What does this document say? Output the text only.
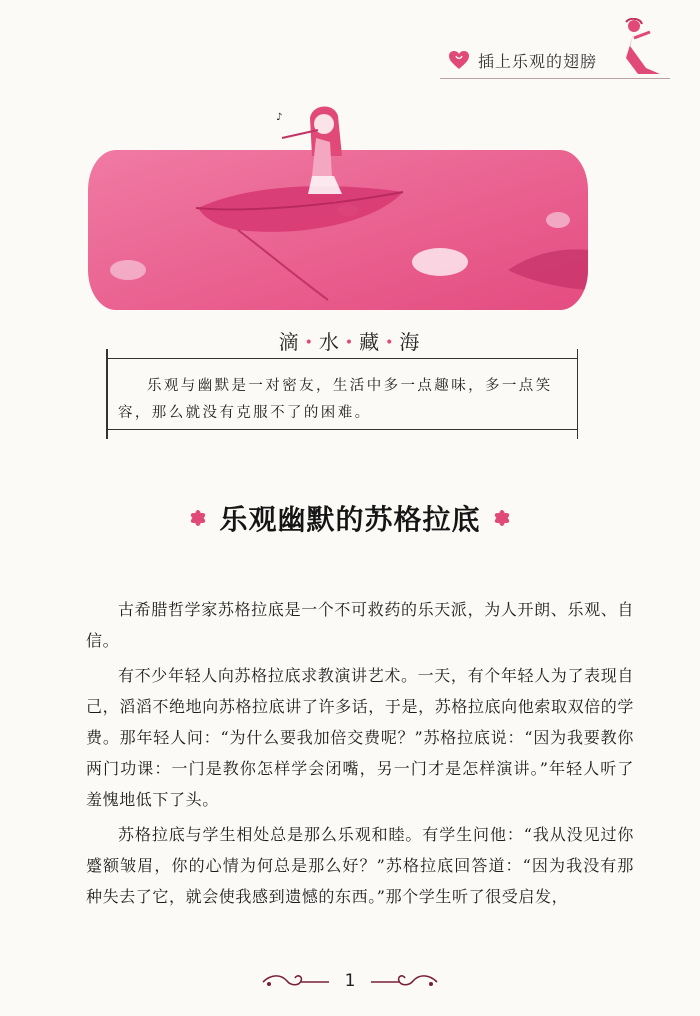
插上乐观的翅膀
♪
滴 • 水 • 藏 • 海
乐观与幽默是一对密友，生活中多一点趣味，多一点笑容，那么就没有克服不了的困难。
乐观幽默的苏格拉底

古希腊哲学家苏格拉底是一个不可救药的乐天派，为人开朗、乐观、自信。

有不少年轻人向苏格拉底求教演讲艺术。一天，有个年轻人为了表现自己，滔滔不绝地向苏格拉底讲了许多话，于是，苏格拉底向他索取双倍的学费。那年轻人问：“为什么要我加倍交费呢？”苏格拉底说：“因为我要教你两门功课：一门是教你怎样学会闭嘴，另一门才是怎样演讲。”年轻人听了羞愧地低下了头。

苏格拉底与学生相处总是那么乐观和睦。有学生问他：“我从没见过你蹙额皱眉，你的心情为何总是那么好？”苏格拉底回答道：“因为我没有那种失去了它，就会使我感到遗憾的东西。”那个学生听了很受启发，

1
